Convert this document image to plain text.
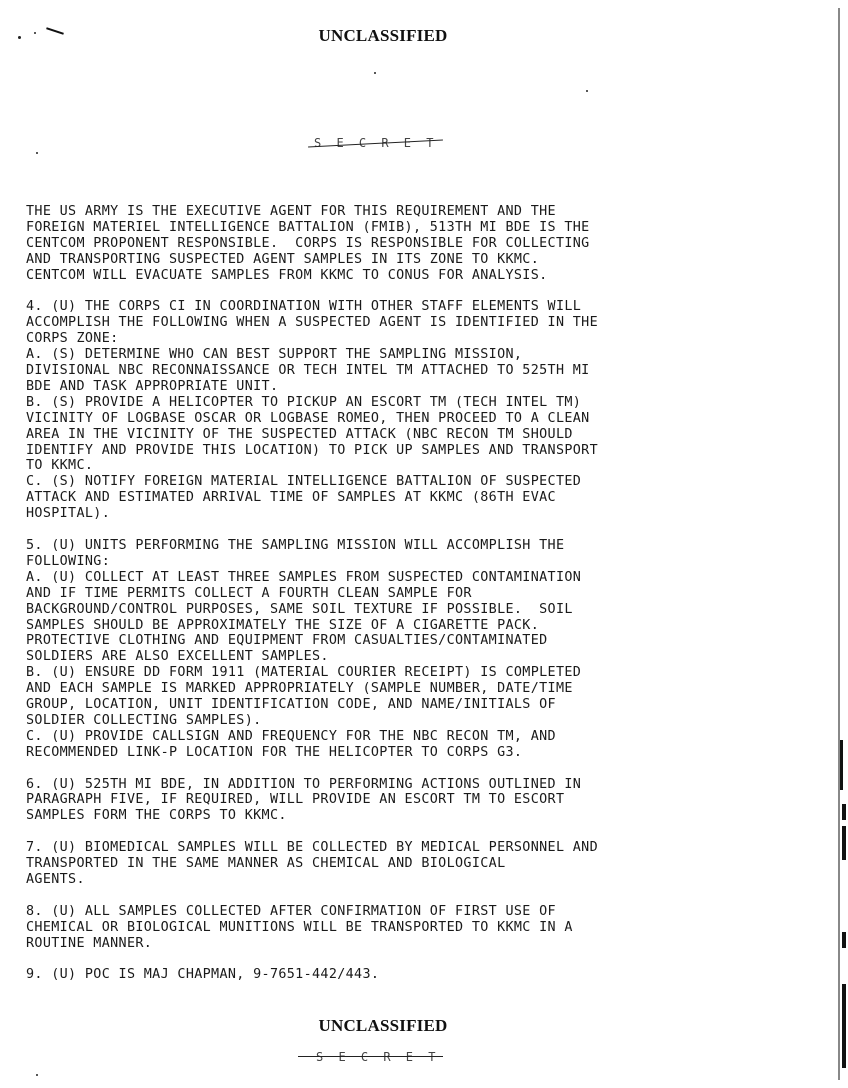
UNCLASSIFIED
S E C R E T

THE US ARMY IS THE EXECUTIVE AGENT FOR THIS REQUIREMENT AND THE
FOREIGN MATERIEL INTELLIGENCE BATTALION (FMIB), 513TH MI BDE IS THE
CENTCOM PROPONENT RESPONSIBLE.  CORPS IS RESPONSIBLE FOR COLLECTING
AND TRANSPORTING SUSPECTED AGENT SAMPLES IN ITS ZONE TO KKMC.
CENTCOM WILL EVACUATE SAMPLES FROM KKMC TO CONUS FOR ANALYSIS.

4. (U) THE CORPS CI IN COORDINATION WITH OTHER STAFF ELEMENTS WILL
ACCOMPLISH THE FOLLOWING WHEN A SUSPECTED AGENT IS IDENTIFIED IN THE
CORPS ZONE:
A. (S) DETERMINE WHO CAN BEST SUPPORT THE SAMPLING MISSION,
DIVISIONAL NBC RECONNAISSANCE OR TECH INTEL TM ATTACHED TO 525TH MI
BDE AND TASK APPROPRIATE UNIT.
B. (S) PROVIDE A HELICOPTER TO PICKUP AN ESCORT TM (TECH INTEL TM)
VICINITY OF LOGBASE OSCAR OR LOGBASE ROMEO, THEN PROCEED TO A CLEAN
AREA IN THE VICINITY OF THE SUSPECTED ATTACK (NBC RECON TM SHOULD
IDENTIFY AND PROVIDE THIS LOCATION) TO PICK UP SAMPLES AND TRANSPORT
TO KKMC.
C. (S) NOTIFY FOREIGN MATERIAL INTELLIGENCE BATTALION OF SUSPECTED
ATTACK AND ESTIMATED ARRIVAL TIME OF SAMPLES AT KKMC (86TH EVAC
HOSPITAL).

5. (U) UNITS PERFORMING THE SAMPLING MISSION WILL ACCOMPLISH THE
FOLLOWING:
A. (U) COLLECT AT LEAST THREE SAMPLES FROM SUSPECTED CONTAMINATION
AND IF TIME PERMITS COLLECT A FOURTH CLEAN SAMPLE FOR
BACKGROUND/CONTROL PURPOSES, SAME SOIL TEXTURE IF POSSIBLE.  SOIL
SAMPLES SHOULD BE APPROXIMATELY THE SIZE OF A CIGARETTE PACK.
PROTECTIVE CLOTHING AND EQUIPMENT FROM CASUALTIES/CONTAMINATED
SOLDIERS ARE ALSO EXCELLENT SAMPLES.
B. (U) ENSURE DD FORM 1911 (MATERIAL COURIER RECEIPT) IS COMPLETED
AND EACH SAMPLE IS MARKED APPROPRIATELY (SAMPLE NUMBER, DATE/TIME
GROUP, LOCATION, UNIT IDENTIFICATION CODE, AND NAME/INITIALS OF
SOLDIER COLLECTING SAMPLES).
C. (U) PROVIDE CALLSIGN AND FREQUENCY FOR THE NBC RECON TM, AND
RECOMMENDED LINK-P LOCATION FOR THE HELICOPTER TO CORPS G3.

6. (U) 525TH MI BDE, IN ADDITION TO PERFORMING ACTIONS OUTLINED IN
PARAGRAPH FIVE, IF REQUIRED, WILL PROVIDE AN ESCORT TM TO ESCORT
SAMPLES FORM THE CORPS TO KKMC.

7. (U) BIOMEDICAL SAMPLES WILL BE COLLECTED BY MEDICAL PERSONNEL AND
TRANSPORTED IN THE SAME MANNER AS CHEMICAL AND BIOLOGICAL
AGENTS.

8. (U) ALL SAMPLES COLLECTED AFTER CONFIRMATION OF FIRST USE OF
CHEMICAL OR BIOLOGICAL MUNITIONS WILL BE TRANSPORTED TO KKMC IN A
ROUTINE MANNER.

9. (U) POC IS MAJ CHAPMAN, 9-7651-442/443.

UNCLASSIFIED
S E C R E T
